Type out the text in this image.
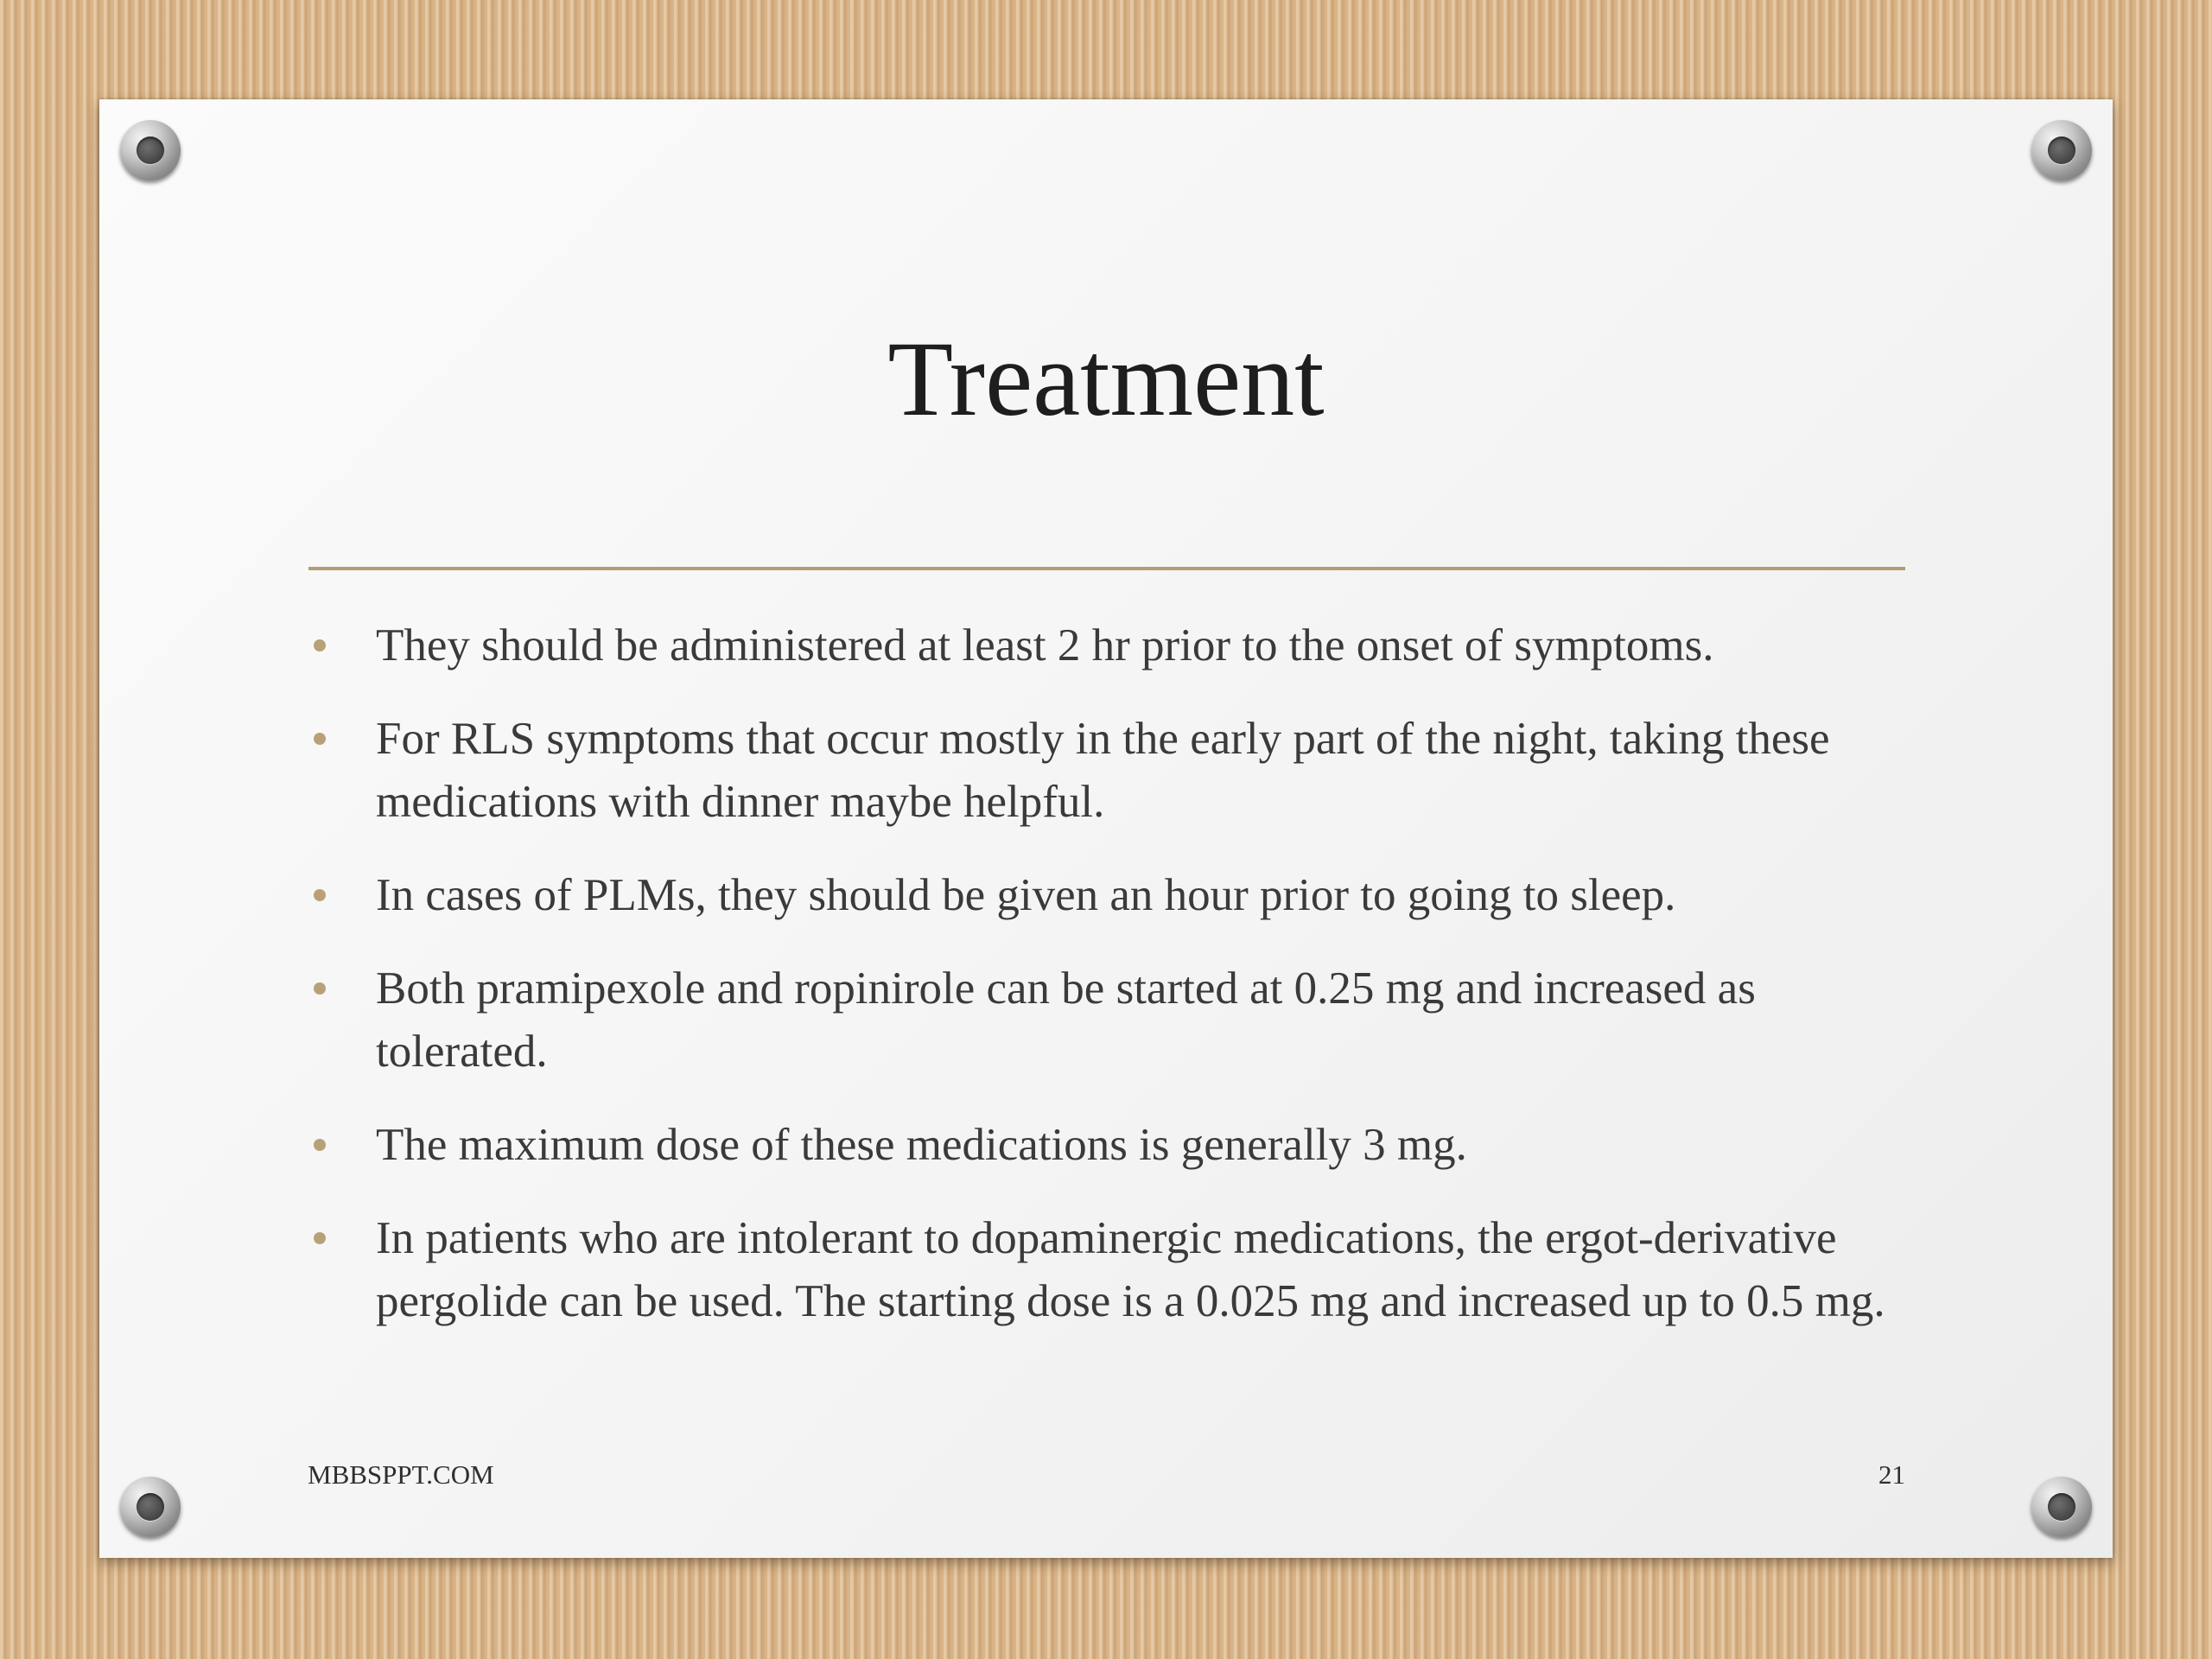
Treatment
They should be administered at least 2 hr prior to the onset of symptoms.
For RLS symptoms that occur mostly in the early part of the night, taking these medications with dinner maybe helpful.
In cases of PLMs, they should be given an hour prior to going to sleep.
Both pramipexole and ropinirole can be started at 0.25 mg and increased as tolerated.
The maximum dose of these medications is generally 3 mg.
In patients who are intolerant to dopaminergic medications, the ergot-derivative pergolide can be used. The starting dose is a 0.025 mg and increased up to 0.5 mg.
MBBSPPT.COM	21
